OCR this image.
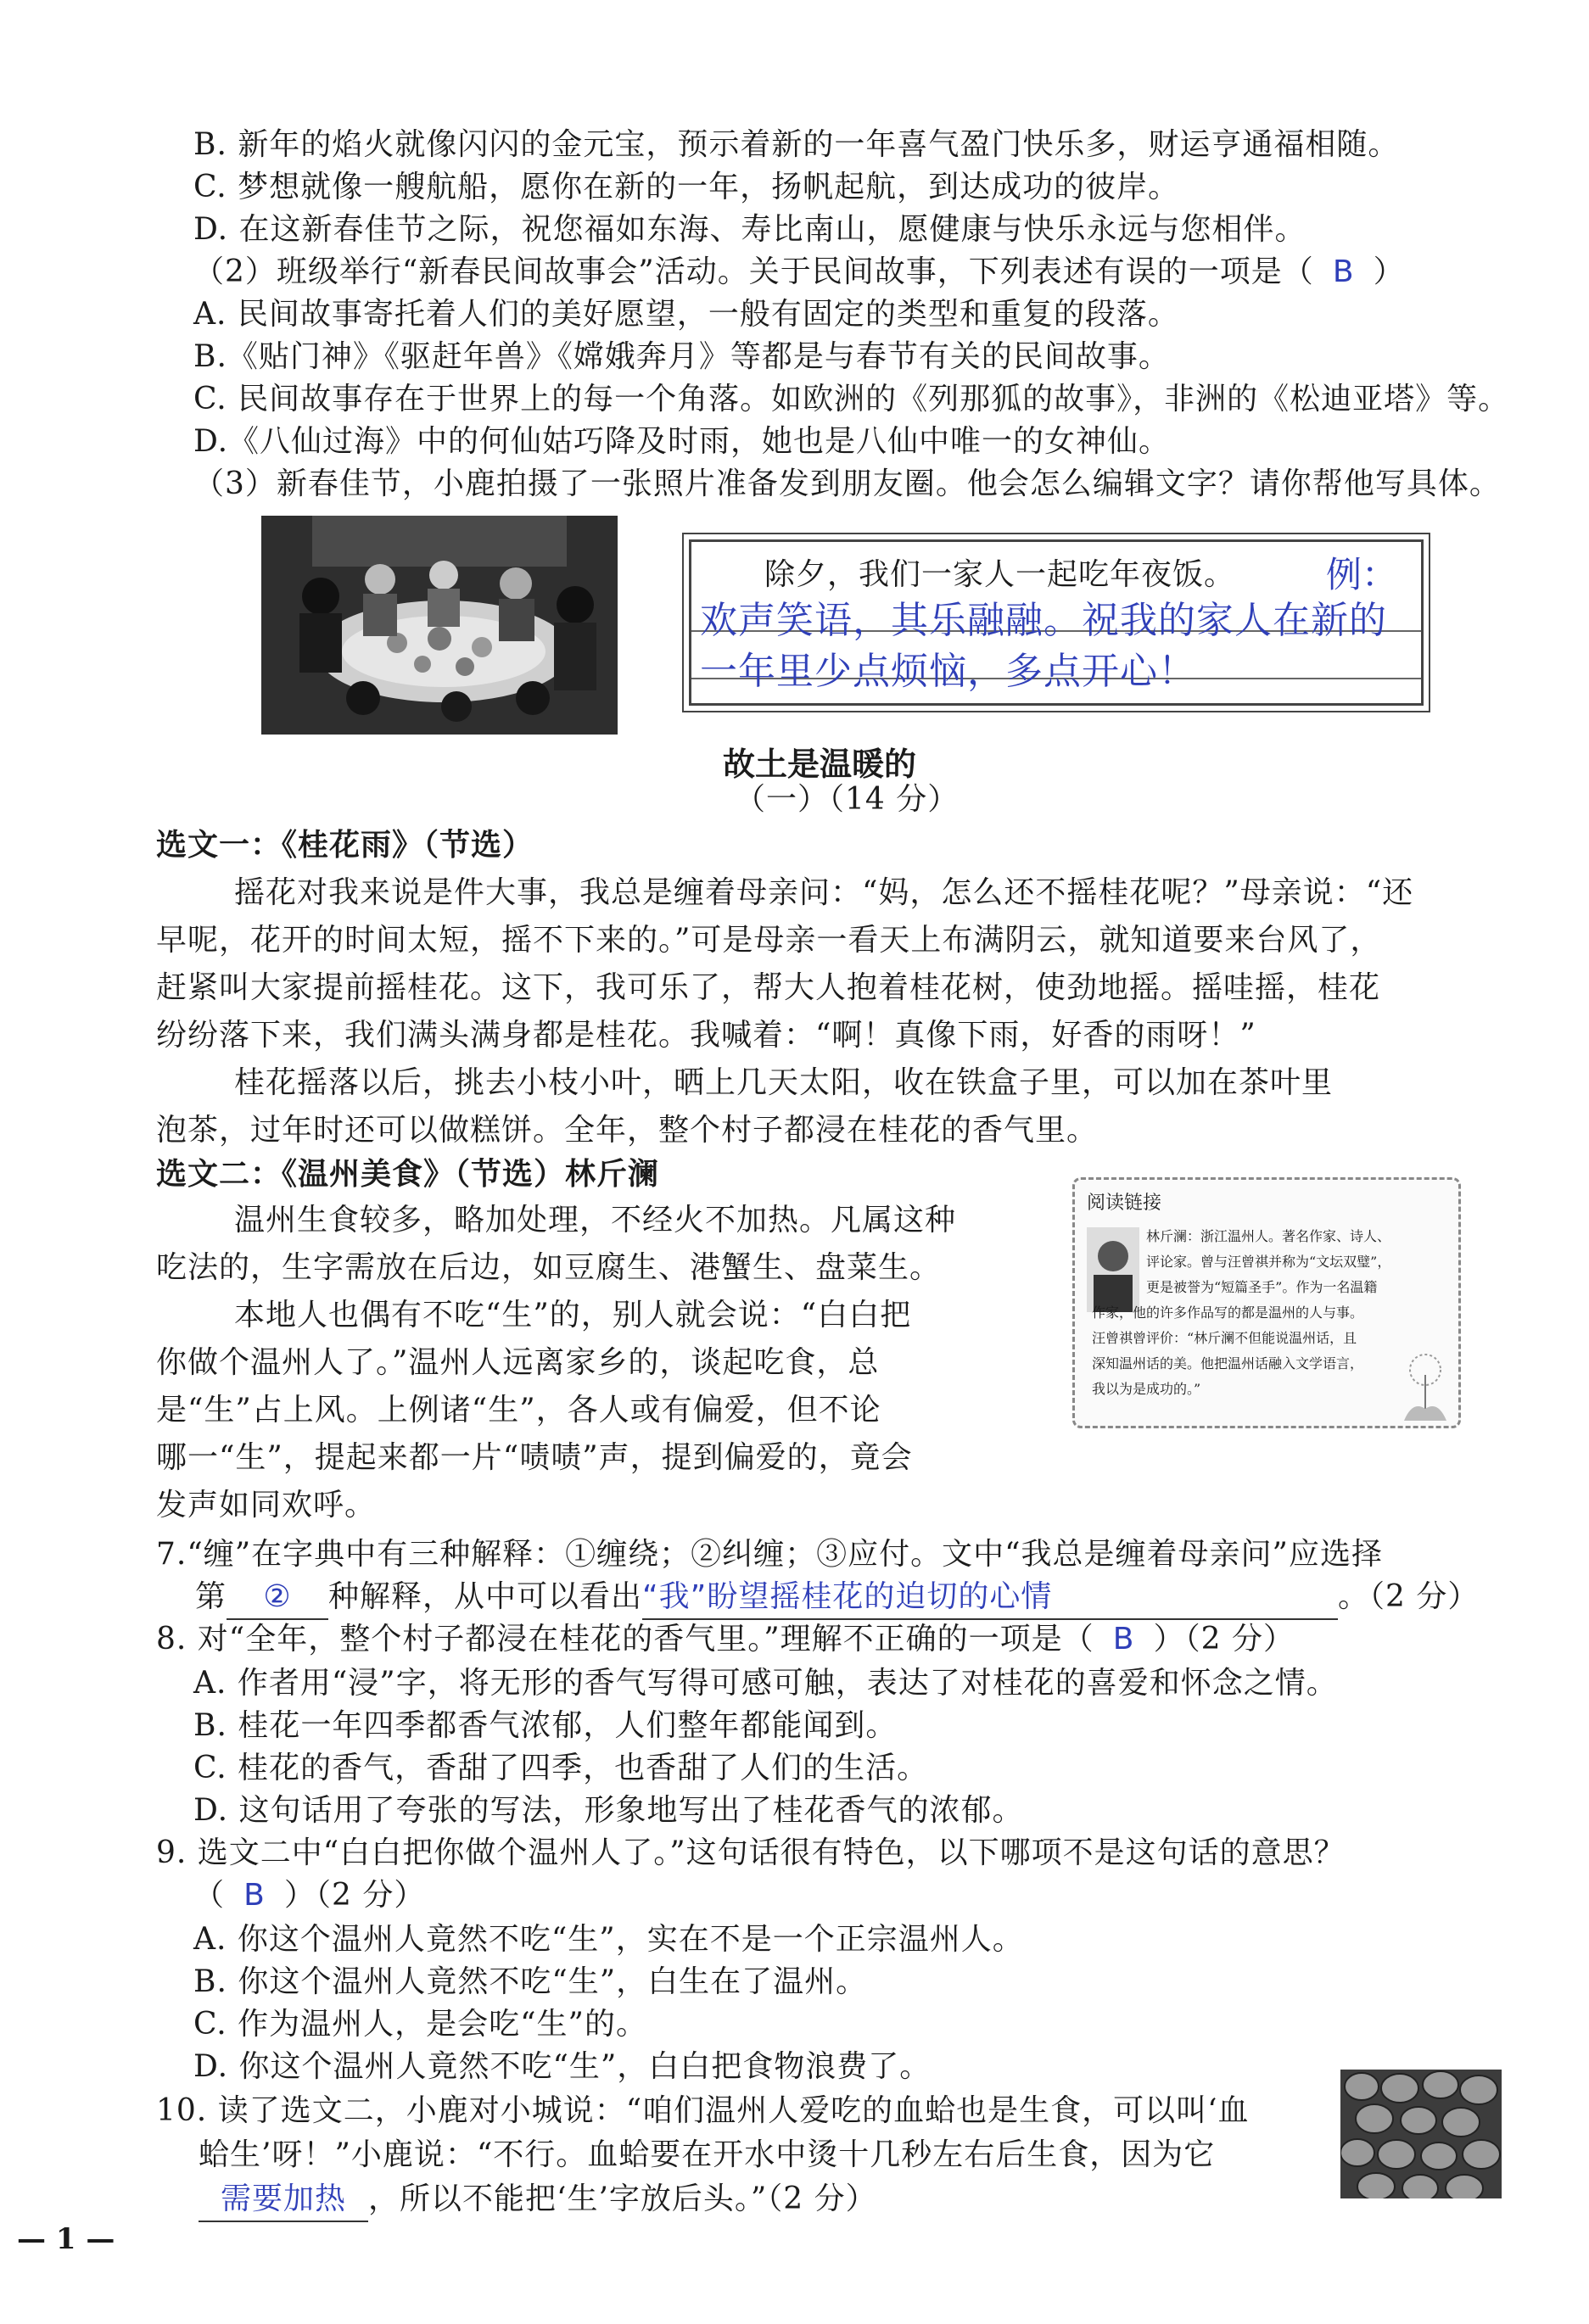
B. 新年的焰火就像闪闪的金元宝，预示着新的一年喜气盈门快乐多，财运亨通福相随。
C. 梦想就像一艘航船，愿你在新的一年，扬帆起航，到达成功的彼岸。
D. 在这新春佳节之际，祝您福如东海、寿比南山，愿健康与快乐永远与您相伴。
（2）班级举行“新春民间故事会”活动。关于民间故事，下列表述有误的一项是（ B ）
A. 民间故事寄托着人们的美好愿望，一般有固定的类型和重复的段落。
B.《贴门神》《驱赶年兽》《嫦娥奔月》等都是与春节有关的民间故事。
C. 民间故事存在于世界上的每一个角落。如欧洲的《列那狐的故事》，非洲的《松迪亚塔》等。
D.《八仙过海》中的何仙姑巧降及时雨，她也是八仙中唯一的女神仙。
（3）新春佳节，小鹿拍摄了一张照片准备发到朋友圈。他会怎么编辑文字？请你帮他写具体。
除夕，我们一家人一起吃年夜饭。	例：
欢声笑语，其乐融融。祝我的家人在新的
一年里少点烦恼，多点开心！
故土是温暖的
（一）（14 分）
选文一：《桂花雨》（节选）
摇花对我来说是件大事，我总是缠着母亲问：“妈，怎么还不摇桂花呢？”母亲说：“还
早呢，花开的时间太短，摇不下来的。”可是母亲一看天上布满阴云，就知道要来台风了，
赶紧叫大家提前摇桂花。这下，我可乐了，帮大人抱着桂花树，使劲地摇。摇哇摇，桂花
纷纷落下来，我们满头满身都是桂花。我喊着：“啊！真像下雨，好香的雨呀！”
桂花摇落以后，挑去小枝小叶，晒上几天太阳，收在铁盒子里，可以加在茶叶里
泡茶，过年时还可以做糕饼。全年，整个村子都浸在桂花的香气里。
选文二：《温州美食》（节选）林斤澜
温州生食较多，略加处理，不经火不加热。凡属这种
吃法的，生字需放在后边，如豆腐生、港蟹生、盘菜生。
本地人也偶有不吃“生”的，别人就会说：“白白把
你做个温州人了。”温州人远离家乡的，谈起吃食，总
是“生”占上风。上例诸“生”，各人或有偏爱，但不论
哪一“生”，提起来都一片“啧啧”声，提到偏爱的，竟会
发声如同欢呼。
阅读链接
林斤澜：浙江温州人。著名作家、诗人、
评论家。曾与汪曾祺并称为“文坛双璧”，
更是被誉为“短篇圣手”。作为一名温籍
作家，他的许多作品写的都是温州的人与事。
汪曾祺曾评价：“林斤澜不但能说温州话，且
深知温州话的美。他把温州话融入文学语言，
我以为是成功的。”
7.“缠”在字典中有三种解释：①缠绕；②纠缠；③应付。文中“我总是缠着母亲问”应选择
第 ② 种解释，从中可以看出“我”盼望摇桂花的迫切的心情	。（2 分）
8. 对“全年，整个村子都浸在桂花的香气里。”理解不正确的一项是（ B ）（2 分）
A. 作者用“浸”字，将无形的香气写得可感可触，表达了对桂花的喜爱和怀念之情。
B. 桂花一年四季都香气浓郁，人们整年都能闻到。
C. 桂花的香气，香甜了四季，也香甜了人们的生活。
D. 这句话用了夸张的写法，形象地写出了桂花香气的浓郁。
9. 选文二中“白白把你做个温州人了。”这句话很有特色，以下哪项不是这句话的意思？
（ B ）（2 分）
A. 你这个温州人竟然不吃“生”，实在不是一个正宗温州人。
B. 你这个温州人竟然不吃“生”，白生在了温州。
C. 作为温州人，是会吃“生”的。
D. 你这个温州人竟然不吃“生”，白白把食物浪费了。
10. 读了选文二，小鹿对小城说：“咱们温州人爱吃的血蛤也是生食，可以叫‘血
蛤生’呀！”小鹿说：“不行。血蛤要在开水中烫十几秒左右后生食，因为它
需要加热 ，所以不能把‘生’字放后头。”（2 分）
— 1 —
